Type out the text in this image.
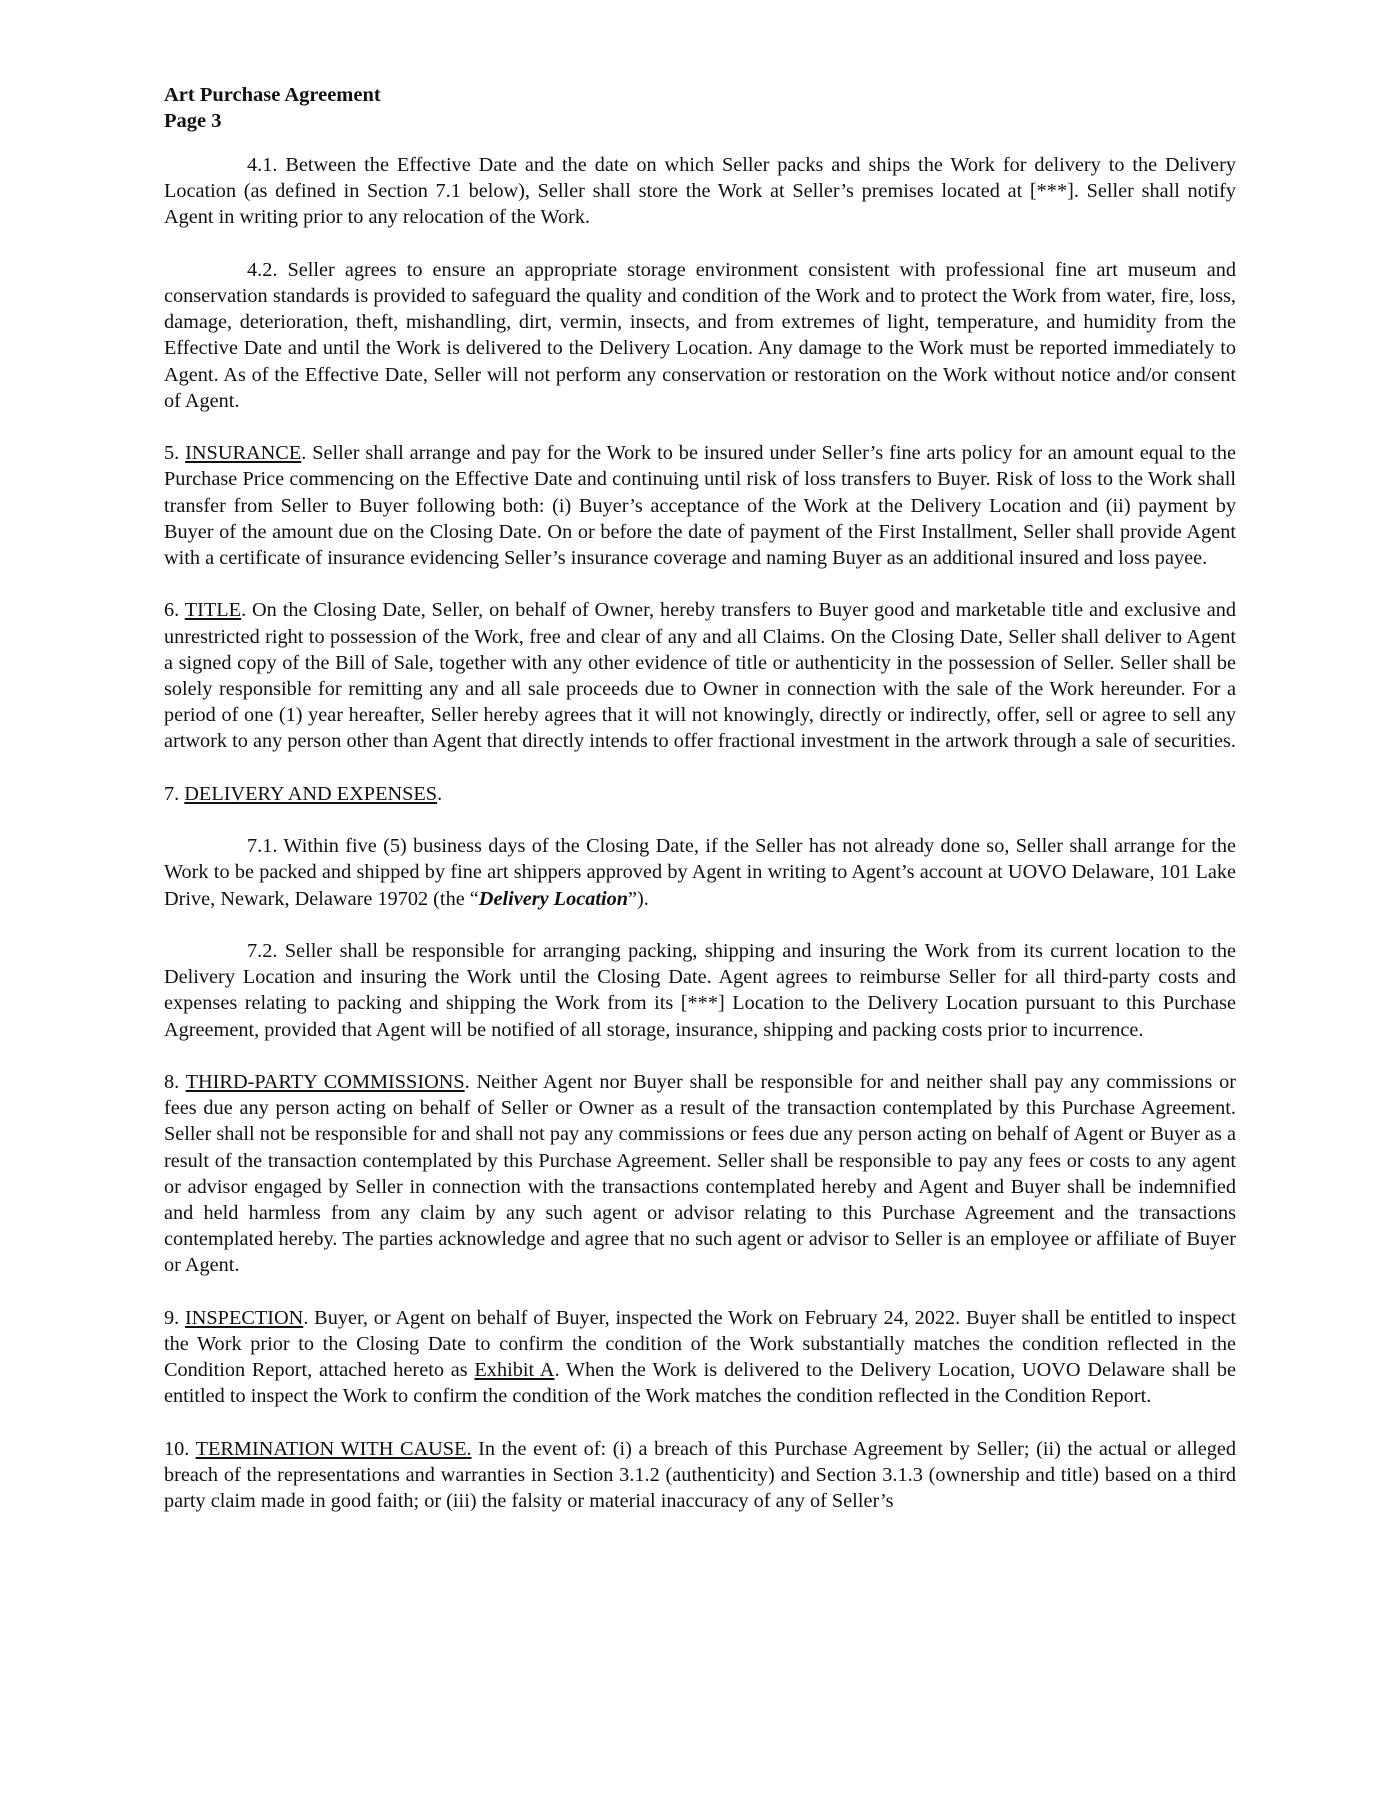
Art Purchase Agreement
Page 3

4.1. Between the Effective Date and the date on which Seller packs and ships the Work for delivery to the Delivery Location (as defined in Section 7.1 below), Seller shall store the Work at Seller’s premises located at [***]. Seller shall notify Agent in writing prior to any relocation of the Work.

4.2. Seller agrees to ensure an appropriate storage environment consistent with professional fine art museum and conservation standards is provided to safeguard the quality and condition of the Work and to protect the Work from water, fire, loss, damage, deterioration, theft, mishandling, dirt, vermin, insects, and from extremes of light, temperature, and humidity from the Effective Date and until the Work is delivered to the Delivery Location. Any damage to the Work must be reported immediately to Agent. As of the Effective Date, Seller will not perform any conservation or restoration on the Work without notice and/or consent of Agent.

5. INSURANCE. Seller shall arrange and pay for the Work to be insured under Seller’s fine arts policy for an amount equal to the Purchase Price commencing on the Effective Date and continuing until risk of loss transfers to Buyer. Risk of loss to the Work shall transfer from Seller to Buyer following both: (i) Buyer’s acceptance of the Work at the Delivery Location and (ii) payment by Buyer of the amount due on the Closing Date. On or before the date of payment of the First Installment, Seller shall provide Agent with a certificate of insurance evidencing Seller’s insurance coverage and naming Buyer as an additional insured and loss payee.

6. TITLE. On the Closing Date, Seller, on behalf of Owner, hereby transfers to Buyer good and marketable title and exclusive and unrestricted right to possession of the Work, free and clear of any and all Claims. On the Closing Date, Seller shall deliver to Agent a signed copy of the Bill of Sale, together with any other evidence of title or authenticity in the possession of Seller. Seller shall be solely responsible for remitting any and all sale proceeds due to Owner in connection with the sale of the Work hereunder. For a period of one (1) year hereafter, Seller hereby agrees that it will not knowingly, directly or indirectly, offer, sell or agree to sell any artwork to any person other than Agent that directly intends to offer fractional investment in the artwork through a sale of securities.

7. DELIVERY AND EXPENSES.

7.1. Within five (5) business days of the Closing Date, if the Seller has not already done so, Seller shall arrange for the Work to be packed and shipped by fine art shippers approved by Agent in writing to Agent’s account at UOVO Delaware, 101 Lake Drive, Newark, Delaware 19702 (the “Delivery Location”).

7.2. Seller shall be responsible for arranging packing, shipping and insuring the Work from its current location to the Delivery Location and insuring the Work until the Closing Date. Agent agrees to reimburse Seller for all third-party costs and expenses relating to packing and shipping the Work from its [***] Location to the Delivery Location pursuant to this Purchase Agreement, provided that Agent will be notified of all storage, insurance, shipping and packing costs prior to incurrence.

8. THIRD-PARTY COMMISSIONS. Neither Agent nor Buyer shall be responsible for and neither shall pay any commissions or fees due any person acting on behalf of Seller or Owner as a result of the transaction contemplated by this Purchase Agreement. Seller shall not be responsible for and shall not pay any commissions or fees due any person acting on behalf of Agent or Buyer as a result of the transaction contemplated by this Purchase Agreement. Seller shall be responsible to pay any fees or costs to any agent or advisor engaged by Seller in connection with the transactions contemplated hereby and Agent and Buyer shall be indemnified and held harmless from any claim by any such agent or advisor relating to this Purchase Agreement and the transactions contemplated hereby. The parties acknowledge and agree that no such agent or advisor to Seller is an employee or affiliate of Buyer or Agent.

9. INSPECTION. Buyer, or Agent on behalf of Buyer, inspected the Work on February 24, 2022. Buyer shall be entitled to inspect the Work prior to the Closing Date to confirm the condition of the Work substantially matches the condition reflected in the Condition Report, attached hereto as Exhibit A. When the Work is delivered to the Delivery Location, UOVO Delaware shall be entitled to inspect the Work to confirm the condition of the Work matches the condition reflected in the Condition Report.

10. TERMINATION WITH CAUSE. In the event of: (i) a breach of this Purchase Agreement by Seller; (ii) the actual or alleged breach of the representations and warranties in Section 3.1.2 (authenticity) and Section 3.1.3 (ownership and title) based on a third party claim made in good faith; or (iii) the falsity or material inaccuracy of any of Seller’s
